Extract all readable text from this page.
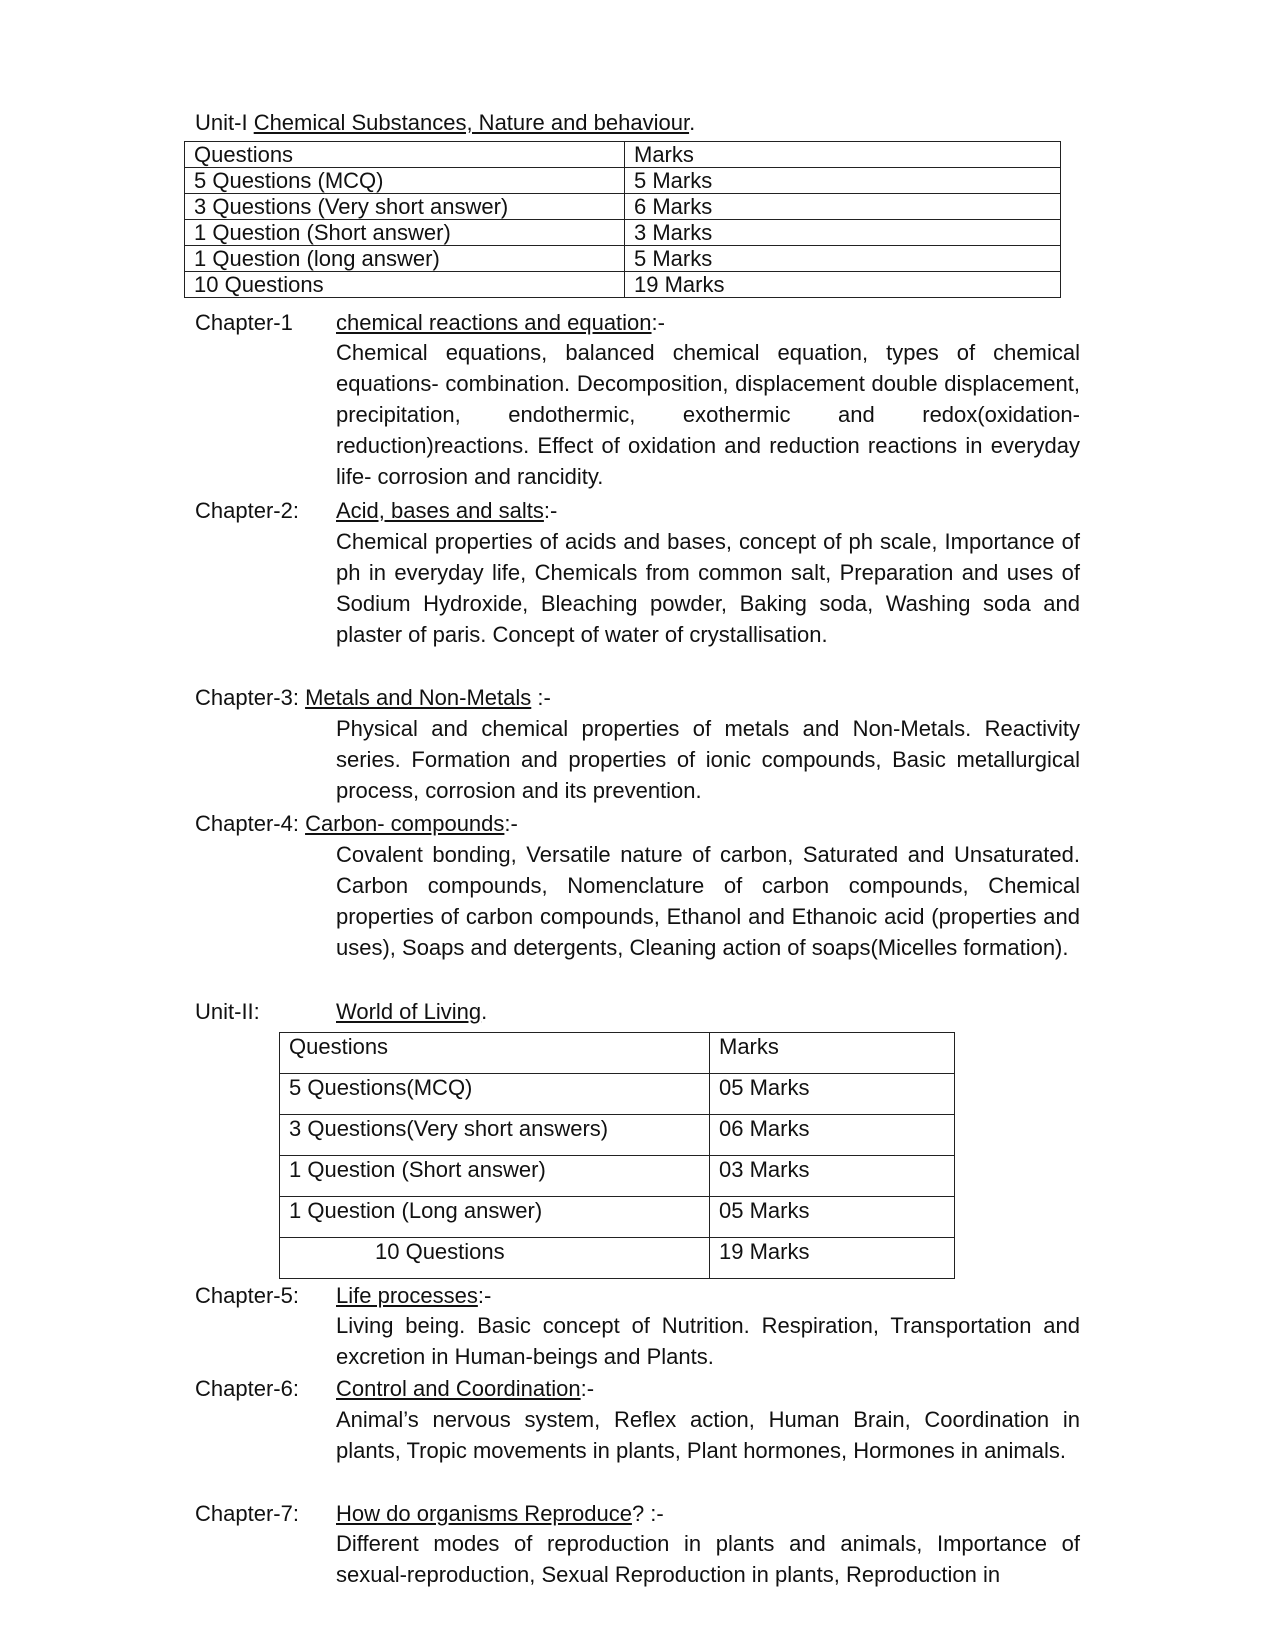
Unit-I Chemical Substances, Nature and behaviour.
Questions	Marks
5 Questions (MCQ)	5 Marks
3 Questions (Very short answer)	6 Marks
1 Question (Short answer)	3 Marks
1 Question (long answer)	5 Marks
10 Questions	19 Marks
Chapter-1 chemical reactions and equation:-
Chemical equations, balanced chemical equation, types of chemical equations- combination. Decomposition, displacement double displacement, precipitation, endothermic, exothermic and redox(oxidation-reduction)reactions. Effect of oxidation and reduction reactions in everyday life- corrosion and rancidity.
Chapter-2: Acid, bases and salts:-
Chemical properties of acids and bases, concept of ph scale, Importance of ph in everyday life, Chemicals from common salt, Preparation and uses of Sodium Hydroxide, Bleaching powder, Baking soda, Washing soda and plaster of paris. Concept of water of crystallisation.
Chapter-3: Metals and Non-Metals :-
Physical and chemical properties of metals and Non-Metals. Reactivity series. Formation and properties of ionic compounds, Basic metallurgical process, corrosion and its prevention.
Chapter-4: Carbon- compounds:-
Covalent bonding, Versatile nature of carbon, Saturated and Unsaturated. Carbon compounds, Nomenclature of carbon compounds, Chemical properties of carbon compounds, Ethanol and Ethanoic acid (properties and uses), Soaps and detergents, Cleaning action of soaps(Micelles formation).
Unit-II:	World of Living.
Questions	Marks
5 Questions(MCQ)	05 Marks
3 Questions(Very short answers)	06 Marks
1 Question (Short answer)	03 Marks
1 Question (Long answer)	05 Marks
10 Questions	19 Marks
Chapter-5: Life processes:-
Living being. Basic concept of Nutrition. Respiration, Transportation and excretion in Human-beings and Plants.
Chapter-6: Control and Coordination:-
Animal’s nervous system, Reflex action, Human Brain, Coordination in plants, Tropic movements in plants, Plant hormones, Hormones in animals.
Chapter-7: How do organisms Reproduce? :-
Different modes of reproduction in plants and animals, Importance of sexual-reproduction, Sexual Reproduction in plants, Reproduction in
